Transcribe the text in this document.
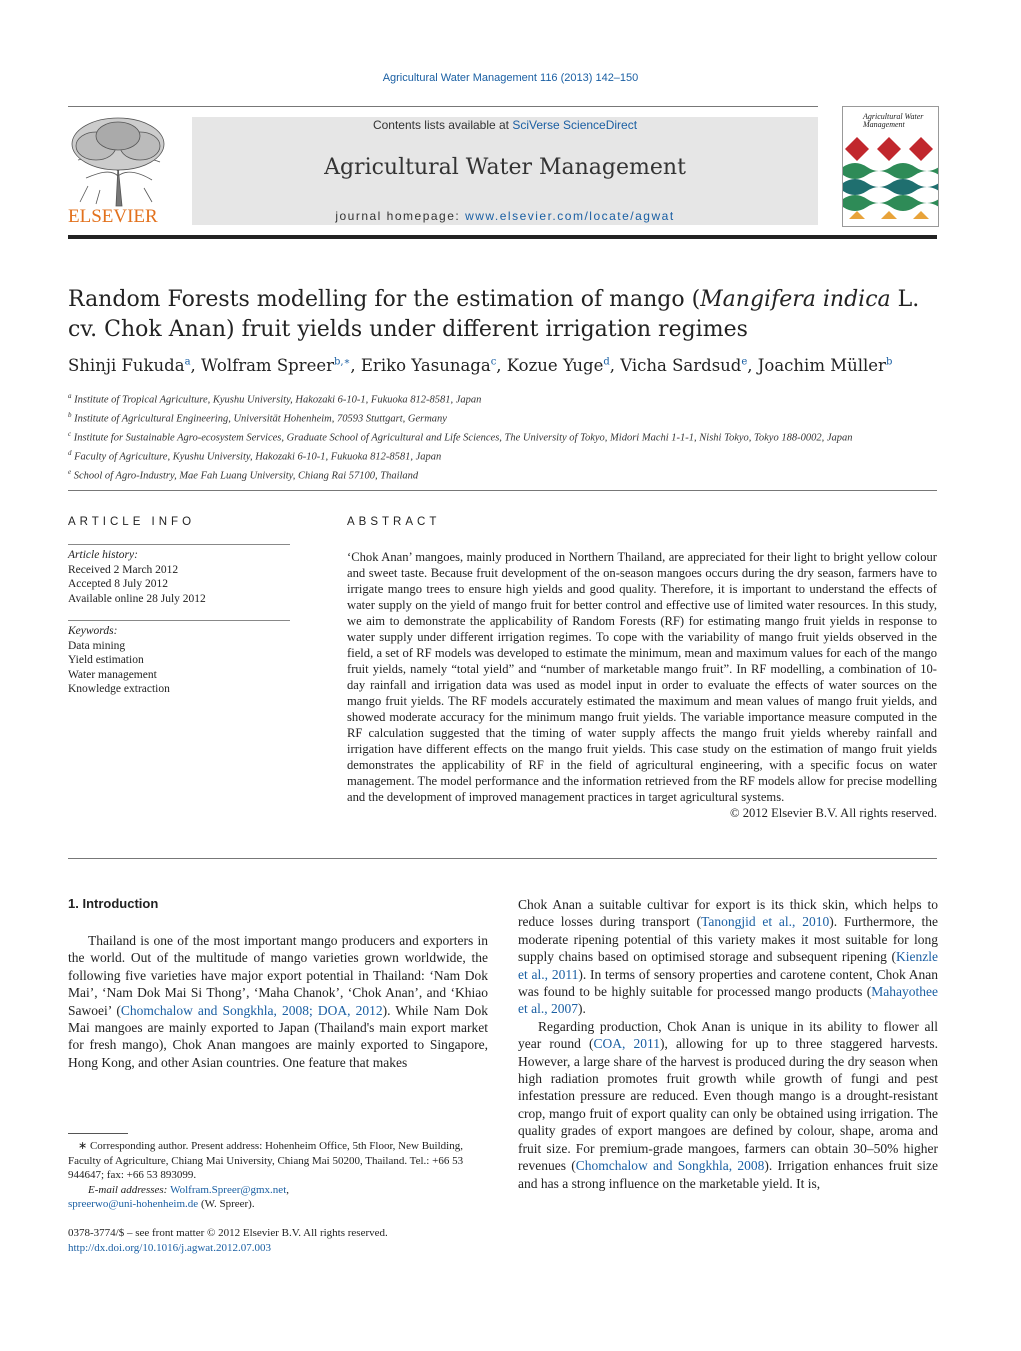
Agricultural Water Management 116 (2013) 142–150
ELSEVIER
Contents lists available at SciVerse ScienceDirect
Agricultural Water Management
journal homepage: www.elsevier.com/locate/agwat
Agricultural Water Management
Random Forests modelling for the estimation of mango (Mangifera indica L. cv. Chok Anan) fruit yields under different irrigation regimes
Shinji Fukuda$^a$, Wolfram Spreer$^{b,∗}$, Eriko Yasunaga$^c$, Kozue Yuge$^d$, Vicha Sardsud$^e$, Joachim Müller$^b$
$^a$ Institute of Tropical Agriculture, Kyushu University, Hakozaki 6-10-1, Fukuoka 812-8581, Japan
$^b$ Institute of Agricultural Engineering, Universität Hohenheim, 70593 Stuttgart, Germany
$^c$ Institute for Sustainable Agro-ecosystem Services, Graduate School of Agricultural and Life Sciences, The University of Tokyo, Midori Machi 1-1-1, Nishi Tokyo, Tokyo 188-0002, Japan
$^d$ Faculty of Agriculture, Kyushu University, Hakozaki 6-10-1, Fukuoka 812-8581, Japan
$^e$ School of Agro-Industry, Mae Fah Luang University, Chiang Rai 57100, Thailand
ARTICLE INFO
Article history:
Received 2 March 2012
Accepted 8 July 2012
Available online 28 July 2012
Keywords:
Data mining
Yield estimation
Water management
Knowledge extraction
ABSTRACT

‘Chok Anan’ mangoes, mainly produced in Northern Thailand, are appreciated for their light to bright yellow colour and sweet taste. Because fruit development of the on-season mangoes occurs during the dry season, farmers have to irrigate mango trees to ensure high yields and good quality. Therefore, it is important to understand the effects of water supply on the yield of mango fruit for better control and effective use of limited water resources. In this study, we aim to demonstrate the applicability of Random Forests (RF) for estimating mango fruit yields in response to water supply under different irrigation regimes. To cope with the variability of mango fruit yields observed in the field, a set of RF models was developed to estimate the minimum, mean and maximum values for each of the mango fruit yields, namely “total yield” and “number of marketable mango fruit”. In RF modelling, a combination of 10-day rainfall and irrigation data was used as model input in order to evaluate the effects of water sources on the mango fruit yields. The RF models accurately estimated the maximum and mean values of mango fruit yields, and showed moderate accuracy for the minimum mango fruit yields. The variable importance measure computed in the RF calculation suggested that the timing of water supply affects the mango fruit yields whereby rainfall and irrigation have different effects on the mango fruit yields. This case study on the estimation of mango fruit yields demonstrates the applicability of RF in the field of agricultural engineering, with a specific focus on water management. The model performance and the information retrieved from the RF models allow for precise modelling and the development of improved management practices in target agricultural systems.

© 2012 Elsevier B.V. All rights reserved.

1. Introduction

Thailand is one of the most important mango producers and exporters in the world. Out of the multitude of mango varieties grown worldwide, the following five varieties have major export potential in Thailand: ‘Nam Dok Mai’, ‘Nam Dok Mai Si Thong’, ‘Maha Chanok’, ‘Chok Anan’, and ‘Khiao Sawoei’ (Chomchalow and Songkhla, 2008; DOA, 2012). While Nam Dok Mai mangoes are mainly exported to Japan (Thailand's main export market for fresh mango), Chok Anan mangoes are mainly exported to Singapore, Hong Kong, and other Asian countries. One feature that makes

Chok Anan a suitable cultivar for export is its thick skin, which helps to reduce losses during transport (Tanongjid et al., 2010). Furthermore, the moderate ripening potential of this variety makes it most suitable for long supply chains based on optimised storage and subsequent ripening (Kienzle et al., 2011). In terms of sensory properties and carotene content, Chok Anan was found to be highly suitable for processed mango products (Mahayothee et al., 2007).

Regarding production, Chok Anan is unique in its ability to flower all year round (COA, 2011), allowing for up to three staggered harvests. However, a large share of the harvest is produced during the dry season when high radiation promotes fruit growth while growth of fungi and pest infestation pressure are reduced. Even though mango is a drought-resistant crop, mango fruit of export quality can only be obtained using irrigation. The quality grades of export mangoes are defined by colour, shape, aroma and fruit size. For premium-grade mangoes, farmers can obtain 30–50% higher revenues (Chomchalow and Songkhla, 2008). Irrigation enhances fruit size and has a strong influence on the marketable yield. It is,

∗ Corresponding author. Present address: Hohenheim Office, 5th Floor, New Building, Faculty of Agriculture, Chiang Mai University, Chiang Mai 50200, Thailand. Tel.: +66 53 944647; fax: +66 53 893099.
E-mail addresses: Wolfram.Spreer@gmx.net,
spreerwo@uni-hohenheim.de (W. Spreer).
0378-3774/$ – see front matter © 2012 Elsevier B.V. All rights reserved.
http://dx.doi.org/10.1016/j.agwat.2012.07.003
